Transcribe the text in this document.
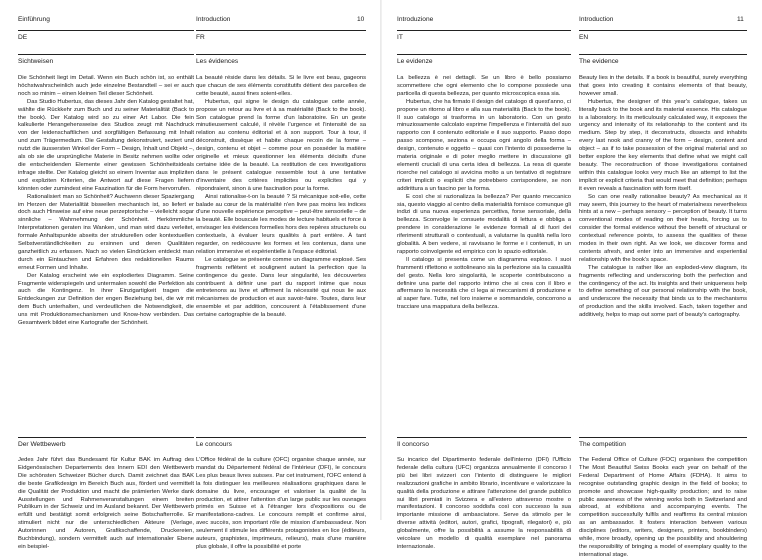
10	11
Einführung
DE
Sichtweisen

Die Schönheit liegt im Detail. Wenn ein Buch schön ist, so enthält höchstwahrscheinlich auch jede einzelne Bestandteil – sei er auch noch so minim – einen kleinen Teil dieser Schönheit.

Das Studio Hubertus, das dieses Jahr den Katalog gestaltet hat, wählte die Rückkehr zum Buch und zu seiner Materialität (Back to the book). Der Katalog wird so zu einer Art Labor. Die fein kalkulierte Herangehensweise des Studios zeugt mit Nachdruck von der leidenschaftlichen und sorgfältigen Befassung mit Inhalt und zum Trägermedium. Die Gestaltung dekonstruiert, seziert und nutzt die äussersten Winkel der Form – Design, Inhalt und Objekt –, als ob sie die ursprüngliche Materie in Besitz nehmen wollte oder die entscheidenden Elemente einer gewissen Schönheitsideals infrage stellte. Der Katalog gleicht so einem Inventar aus impliziten und expliziten Kriterien, die Antwort auf diese Fragen liefern könnten oder zumindest eine Faszination für die Form hervorrufen.

Rationalisiert man so Schönheit? Auchwenn dieser Spaziergang im Herzen der Materialität bisweilen mechanisch ist, so liefert er doch auch Hinweise auf eine neue perzeptorische – vielleicht sogar sinnliche – Wahrnehmung der Schönheit. Herkömmliche Interpretationen geraten ins Wanken, und man wird dazu verleitet, formale Anhaltspunkte abseits der strukturellen oder kontextuellen Selbstverständlichkeiten zu ersinnen und deren Qualitäten ganzheitlich zu erfassen. Nach so vielen Eindrücken entdeckt man durch ein Eintauchen und Erfahren des redaktionellen Raums erneut Formen und Inhalte.

Der Katalog erscheint wie ein explodiertes Diagramm. Seine Fragmente widerspiegeln und untermalen sowohl die Perfektion als auch die Kontingenz. In ihrer Einzigartigkeit tragen die Entdeckungen zur Definition der engen Beziehung bei, die wir mit dem Buch unterhalten, und verdeutlichen die Notwendigkeit, die uns mit Produktionsmechanismen und Know-how verbinden. Das Gesamtwerk bildet eine Kartografie der Schönheit.

Der Wettbewerb

Jedes Jahr führt das Bundesamt für Kultur BAK im Auftrag des Eidgenössischen Departements des Innern EDI den Wettbewerb Die schönsten Schweizer Bücher durch. Damit zeichnet das BAK die beste Grafikdesign im Bereich Buch aus, fördert und vermittelt die Qualität der Produktion und macht die prämierten Werke dank Ausstellungen und Rahmenveranstaltungen einem breiten Publikum in der Schweiz und im Ausland bekannt. Der Wettbewerb erfüllt und bestätigt somit erfolgreich seine Botschafterrolle. Er stimuliert nicht nur die unterschiedlichen Akteure (Verlage, Autorinnen und Autoren, Grafikschaffende, Druckereien, Buchbindung), sondern vermittelt auch auf internationaler Ebene ein beispiel-

Introduction
FR
Les évidences

La beauté réside dans les détails. Si le livre est beau, gageons que chacun de ses éléments constitutifs détient des parcelles de cette beauté, aussi fines soient-elles.

Hubertus, qui signe le design du catalogue cette année, propose un retour au livre et à sa matérialité (Back to the book). Son catalogue prend la forme d'un laboratoire. En un geste minutieusement calculé, il révèle l'urgence et l'intensité de sa relation au contenu éditorial et à son support. Tour à tour, il déconstruit, dissèque et habite chaque recoin de la forme – design, contenu et objet – comme pour en posséder la matière originelle et mieux questionner les éléments décisifs d'une certaine idée de la beauté. La restitution de ces investigations dans le présent catalogue ressemble tout à une tentative d'inventaire des critères implicites ou explicites qui y répondraient, sinon à une fascination pour la forme.

Ainsi rationalise-t-on la beauté ? Si mécanique soit-elle, cette balade au cœur de la matérialité n'en livre pas moins les indices d'une nouvelle expérience perceptive – peut-être sensorielle – de la beauté. Elle bouscule les modes de lecture habituels et force à envisager les évidences formelles hors des repères structurels ou contextuels, à évaluer leurs qualités à part entière. À tant regarder, on redécouvre les formes et les contenus, dans une relation immersive et expérientielle à l'espace éditorial.

Le catalogue se présente comme un diagramme explosé. Ses fragments reflètent et soulignent autant la perfection que la contingence du geste. Dans leur singularité, les découvertes contribuent à définir une part du rapport intime que nous entretenons au livre et affirment la nécessité qui nous lie aux mécanismes de production et aux savoir-faire. Toutes, dans leur ensemble et par addition, concourent à l'établissement d'une certaine cartographie de la beauté.

Le concours

L'Office fédéral de la culture (OFC) organise chaque année, sur mandat du Département fédéral de l'intérieur (DFI), le concours Les plus beaux livres suisses. Par cet instrument, l'OFC entend à la fois distinguer les meilleures réalisations graphiques dans le domaine du livre, encourager et valoriser la qualité de la production, et attirer l'attention d'un large public sur les ouvrages primés en Suisse et à l'étranger lors d'expositions ou de manifestations-cadres. Le concours remplit et confirme ainsi, avec succès, son important rôle de mission d'ambassadeur. Non seulement il stimule les différents protagonistes en lice (éditeurs, auteurs, graphistes, imprimeurs, relieurs), mais d'une manière plus globale, il offre la possibilité et porte

Introduzione
IT
Le evidenze

La bellezza è nei dettagli. Se un libro è bello possiamo scommettere che ogni elemento che lo compone possiede una particella di questa bellezza, per quanto microscopica essa sia.

Hubertus, che ha firmato il design del catalogo di quest'anno, ci propone un ritorno al libro e alla sua materialità (Back to the book). Il suo catalogo si trasforma in un laboratorio. Con un gesto minuziosamente calcolato esprime l'impellenza e l'intensità del suo rapporto con il contenuto editoriale e il suo supporto. Passo dopo passo scompone, seziona e occupa ogni angolo della forma – design, contenuto e oggetto – quasi con l'intento di possederne la materia originale e di poter meglio mettere in discussione gli elementi cruciali di una certa idea di bellezza. La resa di queste ricerche nel catalogo si avvicina molto a un tentativo di registrare criteri impliciti o espliciti che potrebbero corrispondere, se non addirittura a un fascino per la forma.

E così che si razionalizza la bellezza? Per quanto meccanico sia, questo viaggio al centro della materialità fornisce comunque gli indizi di una nuova esperienza percettiva, forse sensoriale, della bellezza. Sconvolge le consuete modalità di lettura e obbliga a prendere in considerazione le evidenze formali al di fuori dei riferimenti strutturali o contestuali, a valutarne la qualità nella loro globalità. A ben vedere, si ravvisano le forme e i contenuti, in un rapporto coinvolgente ed empirico con lo spazio editoriale.

Il catalogo si presenta come un diagramma esploso. I suoi frammenti riflettono e sottolineano sia la perfezione sia la casualità del gesto. Nella loro singolarità, le scoperte contribuiscono a definire una parte del rapporto intimo che si crea con il libro e affermano la necessità che ci lega ai meccanismi di produzione e al saper fare. Tutte, nel loro insieme e sommandole, concorrono a tracciare una mappatura della bellezza.

Il concorso

Su incarico del Dipartimento federale dell'interno (DFI) l'Ufficio federale della cultura (UFC) organizza annualmente il concorso I più bei libri svizzeri con l'intento di distinguere le migliori realizzazioni grafiche in ambito librario, incentivare e valorizzare la qualità della produzione e attirare l'attenzione del grande pubblico sui libri premiati in Svizzera e all'estero attraverso mostre o manifestazioni. Il concorso soddisfa così con successo la sua importante missione di ambasciatore. Serve da stimolo per le diverse attività (editori, autori, grafici, tipografi, rilegatori) e, più globalmente, offre la possibilità a assume la responsabilità di veicolare un modello di qualità esemplare nel panorama internazionale.

Introduction
EN
The evidence

Beauty lies in the details. If a book is beautiful, surely everything that goes into creating it contains elements of that beauty, however small.

Hubertus, the designer of this year's catalogue, takes us literally back to the book and its material essence. His catalogue is a laboratory. In its meticulously calculated way, it exposes the urgency and intensity of its relationship to the content and its medium. Step by step, it deconstructs, dissects and inhabits every last nook and cranny of the form – design, content and object – as if to take possession of the original material and so better explore the key elements that define what we might call beauty. The reconstruction of those investigations contained within this catalogue looks very much like an attempt to list the implicit or explicit criteria that would meet that definition; perhaps it even reveals a fascination with form itself.

So can one really rationalise beauty? As mechanical as it may seem, this journey to the heart of materialness nevertheless hints at a new – perhaps sensory – perception of beauty. It turns conventional modes of reading on their heads, forcing us to consider the formal evidence without the benefit of structural or contextual reference points, to assess the qualities of these modes in their own right. As we look, we discover forms and contents afresh, and enter into an immersive and experiential relationship with the book's space.

The catalogue is rather like an exploded-view diagram, its fragments reflecting and underscoring both the perfection and the contingency of the act. Its insights and their uniqueness help to define something of our personal relationship with the book, and underscore the necessity that binds us to the mechanisms of production and the skills involved. Each, taken together and additively, helps to map out some part of beauty's cartography.

The competition

The Federal Office of Culture (FOC) organises the competition The Most Beautiful Swiss Books each year on behalf of the Federal Department of Home Affairs (FDHA). It aims to recognise outstanding graphic design in the field of books; to promote and showcase high-quality production; and to raise public awareness of the winning works both in Switzerland and abroad, at exhibitions and accompanying events. The competition successfully fulfils and reaffirms its central mission as an ambassador. It fosters interaction between various disciplines (editors, writers, designers, printers, bookbinders) while, more broadly, opening up the possibility and shouldering the responsibility of bringing a model of exemplary quality to the international stage.
